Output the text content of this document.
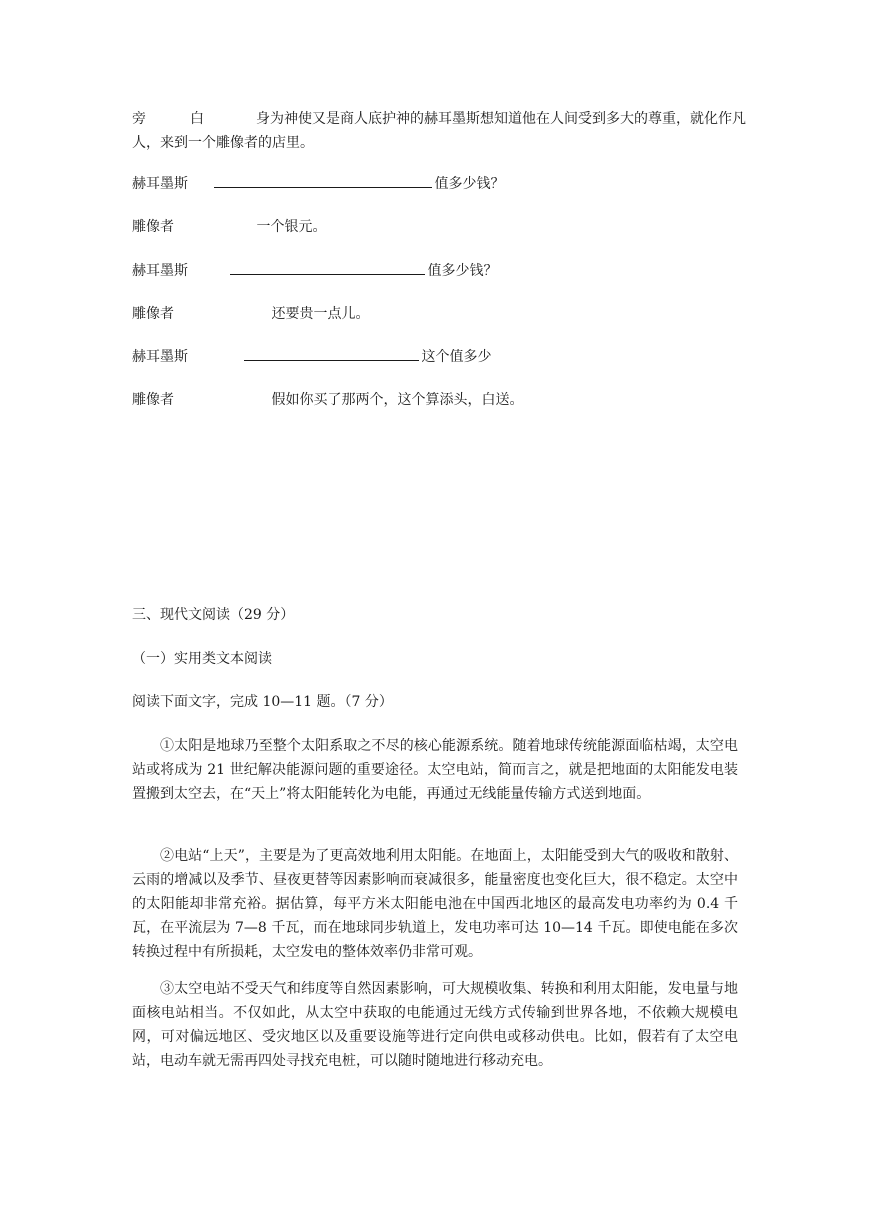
旁	白	身为神使又是商人底护神的赫耳墨斯想知道他在人间受到多大的尊重，就化作凡人，来到一个雕像者的店里。
赫耳墨斯	值多少钱？
雕像者	一个银元。
赫耳墨斯	值多少钱？
雕像者	还要贵一点儿。
赫耳墨斯	这个值多少
雕像者	假如你买了那两个，这个算添头，白送。
三、现代文阅读（29 分）
（一）实用类文本阅读
阅读下面文字，完成 10—11 题。（7 分）
①太阳是地球乃至整个太阳系取之不尽的核心能源系统。随着地球传统能源面临枯竭，太空电站或将成为 21 世纪解决能源问题的重要途径。太空电站，简而言之，就是把地面的太阳能发电装置搬到太空去，在“天上”将太阳能转化为电能，再通过无线能量传输方式送到地面。
②电站“上天”，主要是为了更高效地利用太阳能。在地面上，太阳能受到大气的吸收和散射、云雨的增减以及季节、昼夜更替等因素影响而衰减很多，能量密度也变化巨大，很不稳定。太空中的太阳能却非常充裕。据估算，每平方米太阳能电池在中国西北地区的最高发电功率约为 0.4 千瓦，在平流层为 7—8 千瓦，而在地球同步轨道上，发电功率可达 10—14 千瓦。即使电能在多次转换过程中有所损耗，太空发电的整体效率仍非常可观。
③太空电站不受天气和纬度等自然因素影响，可大规模收集、转换和利用太阳能，发电量与地面核电站相当。不仅如此，从太空中获取的电能通过无线方式传输到世界各地，不依赖大规模电网，可对偏远地区、受灾地区以及重要设施等进行定向供电或移动供电。比如，假若有了太空电站，电动车就无需再四处寻找充电桩，可以随时随地进行移动充电。
